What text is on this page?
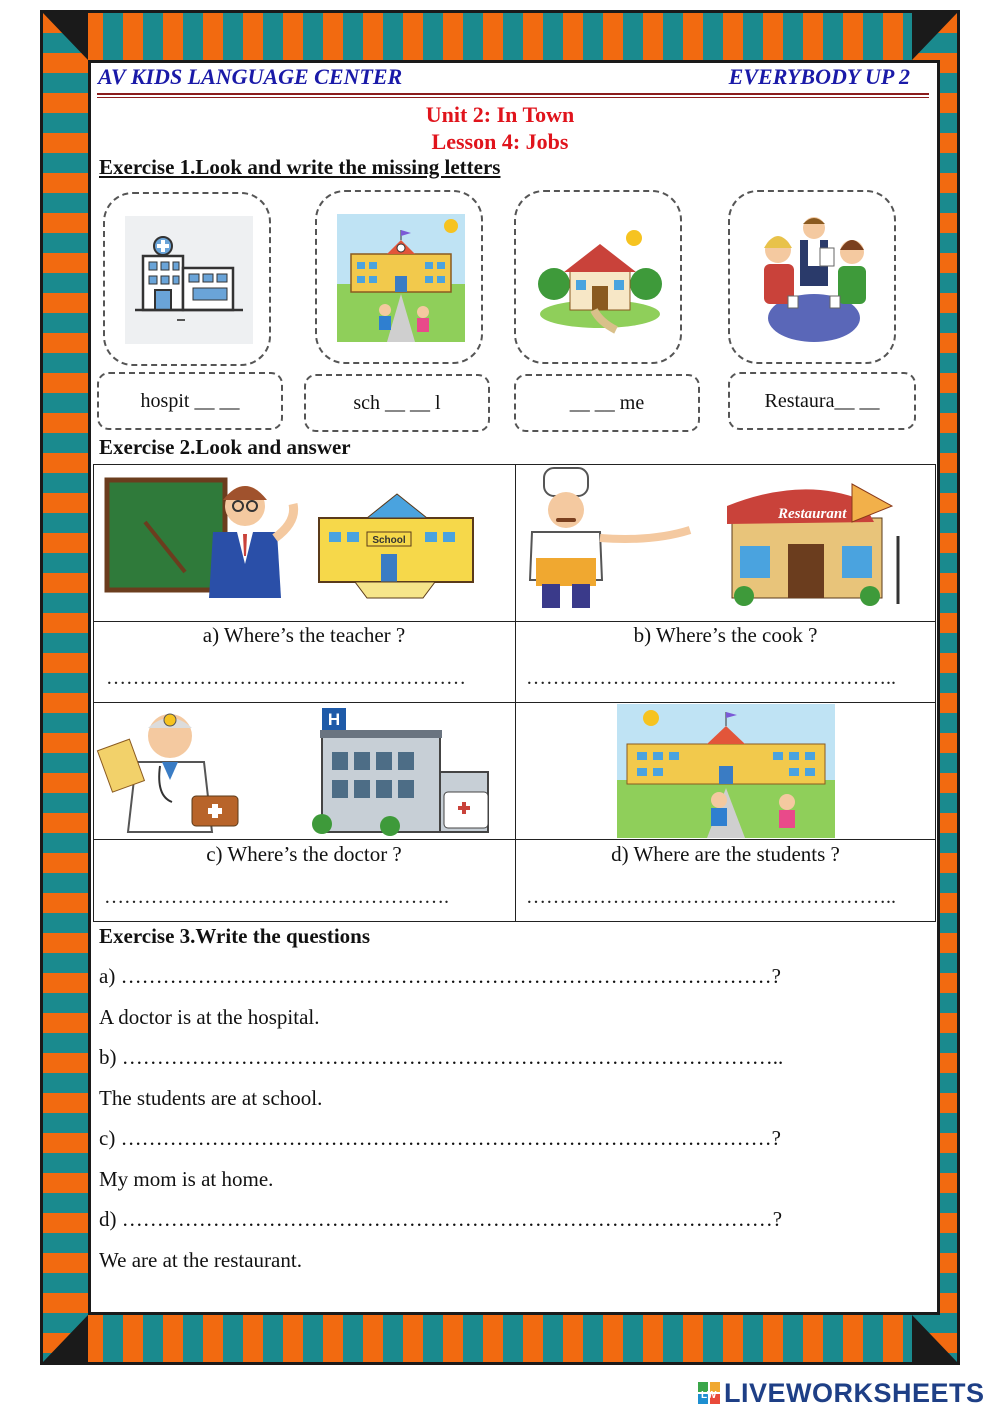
AV KIDS LANGUAGE CENTER	EVERYBODY UP 2
Unit 2: In Town
Lesson 4: Jobs
Exercise 1.Look and write the missing letters
hospit __ __	sch __ __ l	__ __ me	Restaura__ __
Exercise 2.Look and answer
School
Restaurant
a) Where’s the teacher ?
………………………………………………
b) Where’s the cook ?
………………………………………………..
H
c) Where’s the doctor ?
…………………………………………….
d) Where are the students ?
………………………………………………..
Exercise 3.Write the questions
a) …………………………………………………………………………………?
A doctor is at the hospital.
b) …………………………………………………………………………………..
The students are at school.
c) …………………………………………………………………………………?
My mom is at home.
d) …………………………………………………………………………………?
We are at the restaurant.
LW LIVEWORKSHEETS
